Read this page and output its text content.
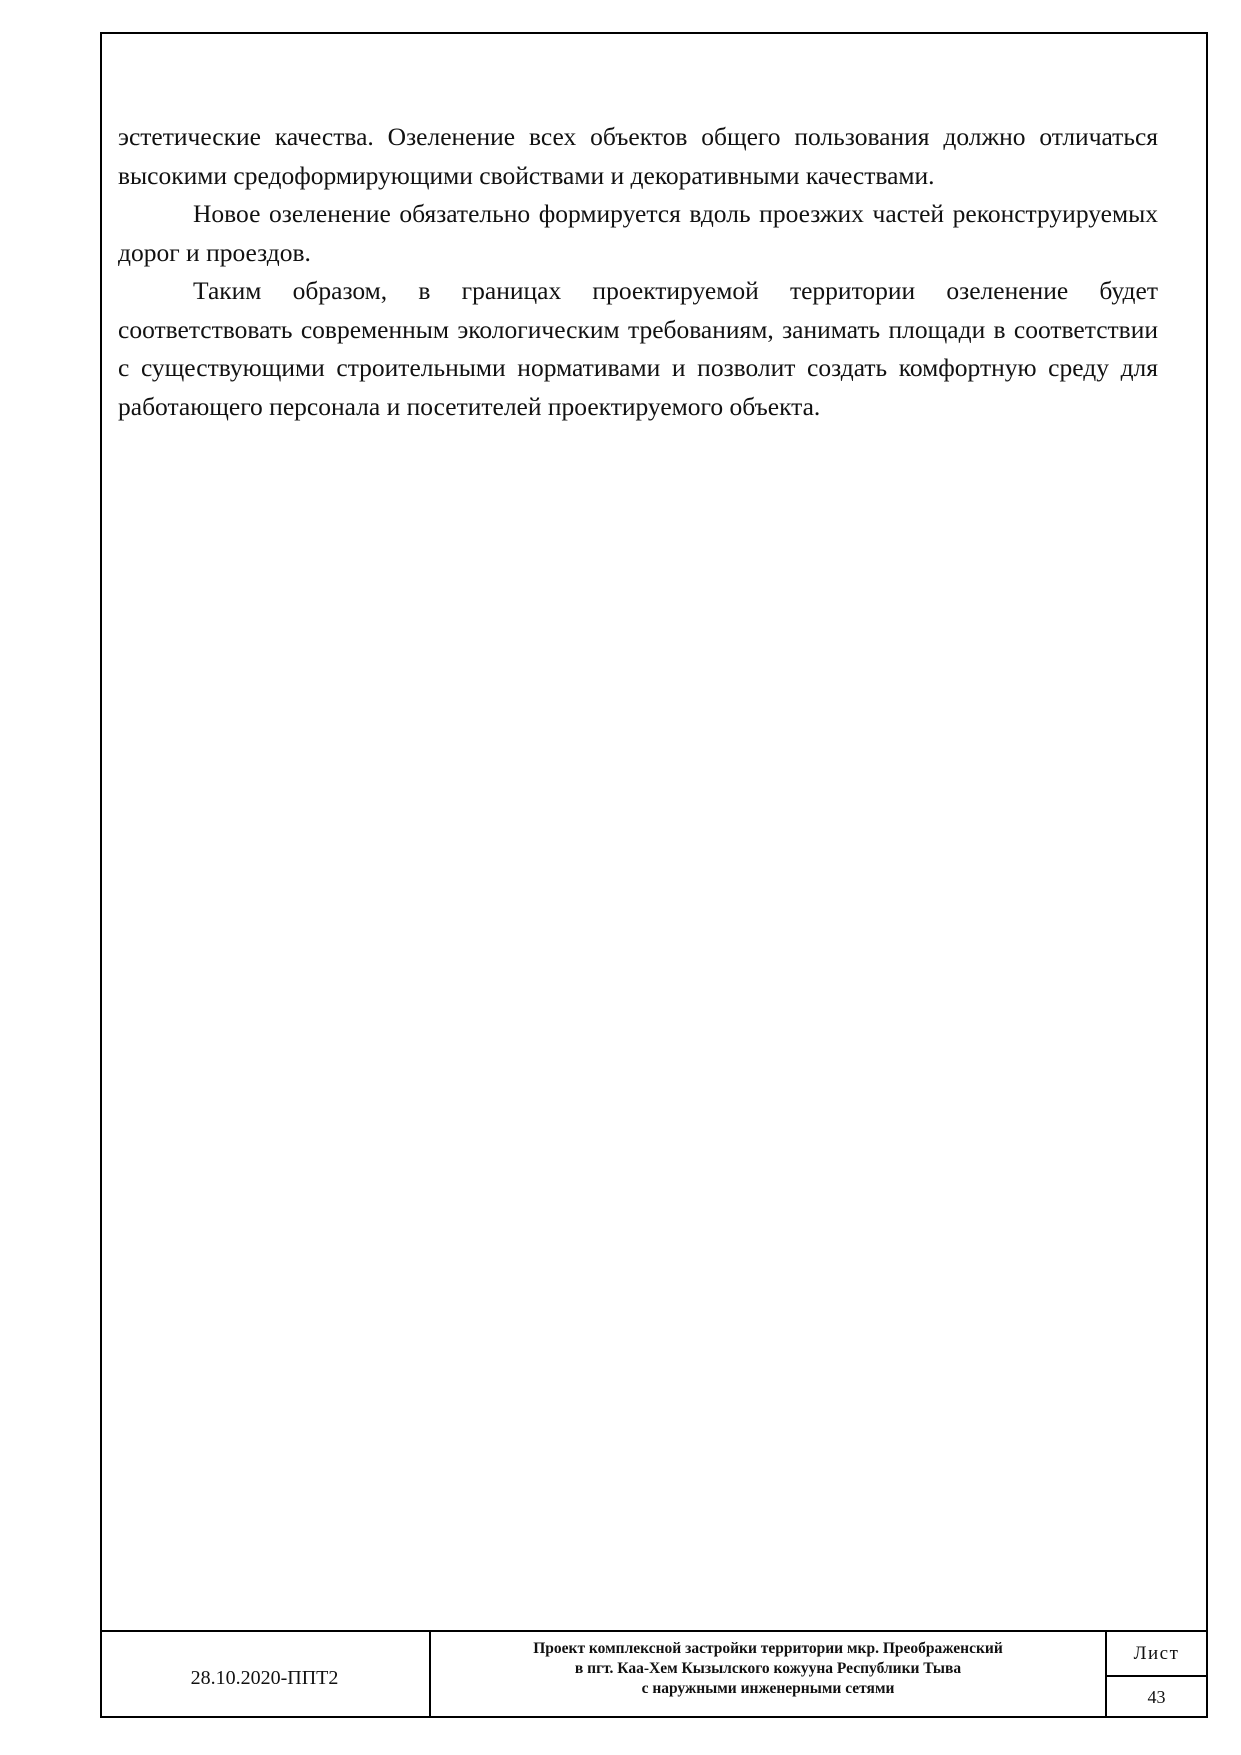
эстетические качества. Озеленение всех объектов общего пользования должно отличаться высокими средоформирующими свойствами и декоративными качествами.

Новое озеленение обязательно формируется вдоль проезжих частей реконструируемых дорог и проездов.

Таким образом, в границах проектируемой территории озеленение будет соответствовать современным экологическим требованиям, занимать площади в соответствии с существующими строительными нормативами и позволит создать комфортную среду для работающего персонала и посетителей проектируемого объекта.

28.10.2020-ППТ2
Проект комплексной застройки территории мкр. Преображенский
в пгт. Каа-Хем Кызылского кожууна Республики Тыва
с наружными инженерными сетями
Лист
43
